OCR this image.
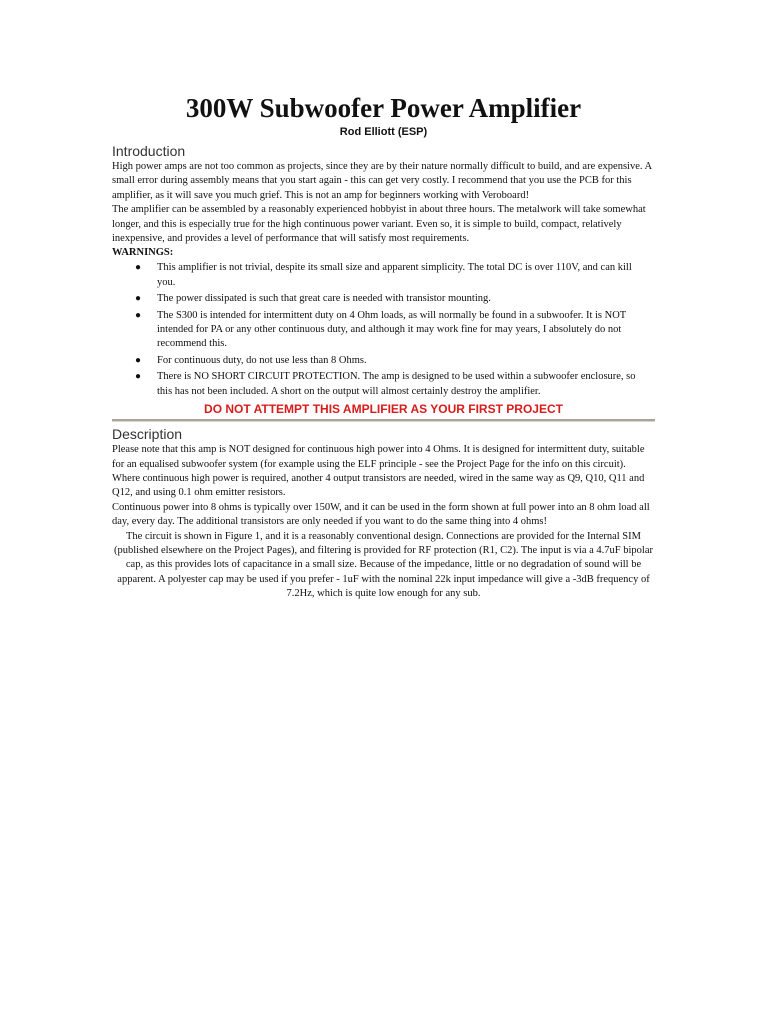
300W Subwoofer Power Amplifier
Rod Elliott (ESP)
Introduction

High power amps are not too common as projects, since they are by their nature normally difficult to build, and are expensive. A small error during assembly means that you start again - this can get very costly. I recommend that you use the PCB for this amplifier, as it will save you much grief. This is not an amp for beginners working with Veroboard!

The amplifier can be assembled by a reasonably experienced hobbyist in about three hours. The metalwork will take somewhat longer, and this is especially true for the high continuous power variant. Even so, it is simple to build, compact, relatively inexpensive, and provides a level of performance that will satisfy most requirements.

WARNINGS:
● This amplifier is not trivial, despite its small size and apparent simplicity. The total DC is over 110V, and can kill you.
● The power dissipated is such that great care is needed with transistor mounting.
● The S300 is intended for intermittent duty on 4 Ohm loads, as will normally be found in a subwoofer. It is NOT intended for PA or any other continuous duty, and although it may work fine for may years, I absolutely do not recommend this.
● For continuous duty, do not use less than 8 Ohms.
● There is NO SHORT CIRCUIT PROTECTION. The amp is designed to be used within a subwoofer enclosure, so this has not been included. A short on the output will almost certainly destroy the amplifier.
DO NOT ATTEMPT THIS AMPLIFIER AS YOUR FIRST PROJECT
Description

Please note that this amp is NOT designed for continuous high power into 4 Ohms. It is designed for intermittent duty, suitable for an equalised subwoofer system (for example using the ELF principle - see the Project Page for the info on this circuit). Where continuous high power is required, another 4 output transistors are needed, wired in the same way as Q9, Q10, Q11 and Q12, and using 0.1 ohm emitter resistors.

Continuous power into 8 ohms is typically over 150W, and it can be used in the form shown at full power into an 8 ohm load all day, every day. The additional transistors are only needed if you want to do the same thing into 4 ohms!

The circuit is shown in Figure 1, and it is a reasonably conventional design. Connections are provided for the Internal SIM (published elsewhere on the Project Pages), and filtering is provided for RF protection (R1, C2). The input is via a 4.7uF bipolar cap, as this provides lots of capacitance in a small size. Because of the impedance, little or no degradation of sound will be apparent. A polyester cap may be used if you prefer - 1uF with the nominal 22k input impedance will give a -3dB frequency of 7.2Hz, which is quite low enough for any sub.
